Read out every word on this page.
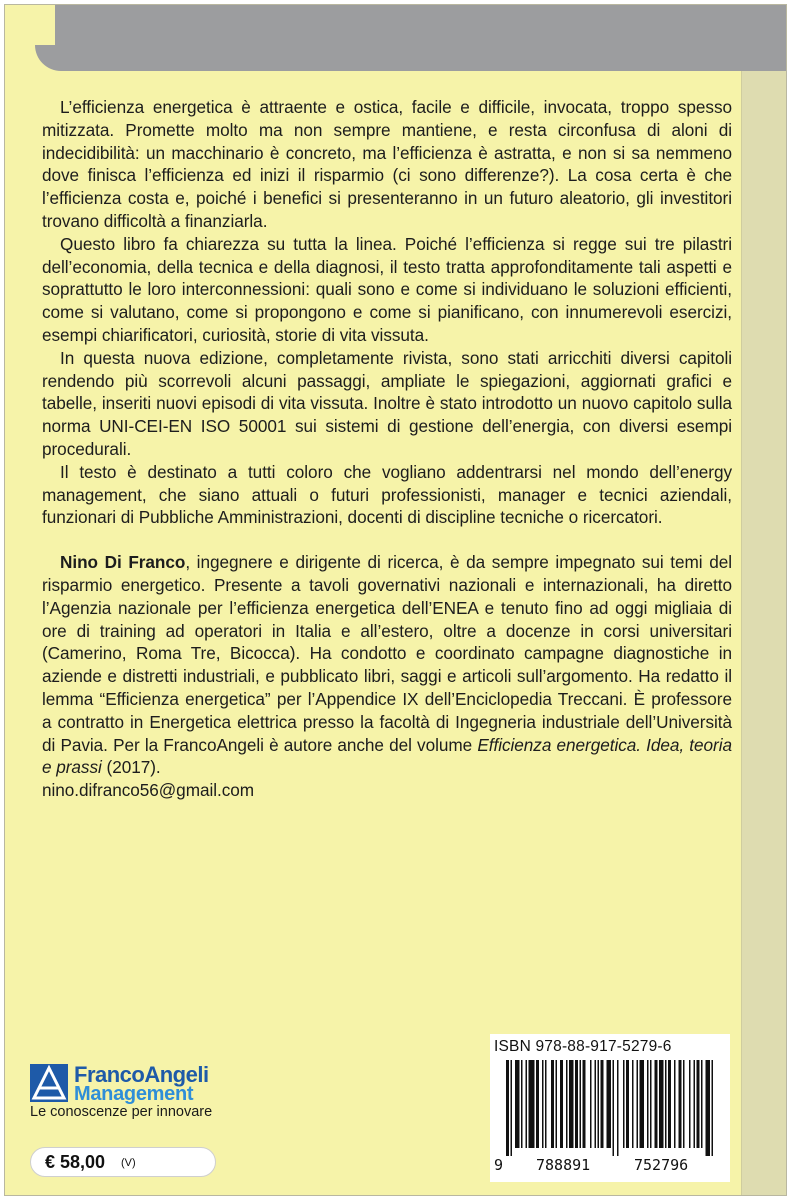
L’efficienza energetica è attraente e ostica, facile e difficile, invocata, troppo spesso mitizzata. Promette molto ma non sempre mantiene, e resta circonfusa di aloni di indecidibilità: un macchinario è concreto, ma l’efficienza è astratta, e non si sa nemmeno dove finisca l’efficienza ed inizi il risparmio (ci sono differenze?). La cosa certa è che l’efficienza costa e, poiché i benefici si presenteranno in un futuro aleatorio, gli investitori trovano difficoltà a finanziarla.

Questo libro fa chiarezza su tutta la linea. Poiché l’efficienza si regge sui tre pilastri dell’economia, della tecnica e della diagnosi, il testo tratta approfonditamente tali aspetti e soprattutto le loro interconnessioni: quali sono e come si individuano le soluzioni efficienti, come si valutano, come si propongono e come si pianificano, con innumerevoli esercizi, esempi chiarificatori, curiosità, storie di vita vissuta.

In questa nuova edizione, completamente rivista, sono stati arricchiti diversi capitoli rendendo più scorrevoli alcuni passaggi, ampliate le spiegazioni, aggiornati grafici e tabelle, inseriti nuovi episodi di vita vissuta. Inoltre è stato introdotto un nuovo capitolo sulla norma UNI-CEI-EN ISO 50001 sui sistemi di gestione dell’energia, con diversi esempi procedurali.

Il testo è destinato a tutti coloro che vogliano addentrarsi nel mondo dell’energy management, che siano attuali o futuri professionisti, manager e tecnici aziendali, funzionari di Pubbliche Amministrazioni, docenti di discipline tecniche o ricercatori.

Nino Di Franco, ingegnere e dirigente di ricerca, è da sempre impegnato sui temi del risparmio energetico. Presente a tavoli governativi nazionali e internazionali, ha diretto l’Agenzia nazionale per l’efficienza energetica dell’ENEA e tenuto fino ad oggi migliaia di ore di training ad operatori in Italia e all’estero, oltre a docenze in corsi universitari (Camerino, Roma Tre, Bicocca). Ha condotto e coordinato campagne diagnostiche in aziende e distretti industriali, e pubblicato libri, saggi e articoli sull’argomento. Ha redatto il lemma “Efficienza energetica” per l’Appendice IX dell’Enciclopedia Treccani. È professore a contratto in Energetica elettrica presso la facoltà di Ingegneria industriale dell’Università di Pavia. Per la FrancoAngeli è autore anche del volume Efficienza energetica. Idea, teoria e prassi (2017).

nino.difranco56@gmail.com
FrancoAngeli
Management
Le conoscenze per innovare
€ 58,00 (V)
ISBN 978-88-917-5279-6
9 788891	752796
